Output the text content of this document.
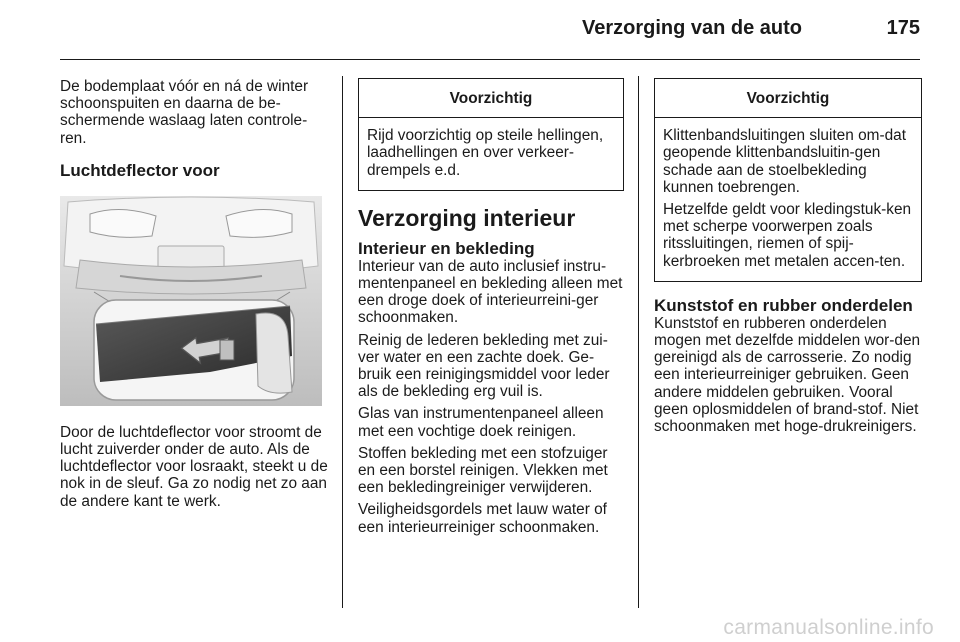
Verzorging van de auto	175

De bodemplaat vóór en ná de winter schoonspuiten en daarna de be-schermende waslaag laten controle-ren.

Luchtdeflector voor

Door de luchtdeflector voor stroomt de lucht zuiverder onder de auto. Als de luchtdeflector voor losraakt, steekt u de nok in de sleuf. Ga zo nodig net zo aan de andere kant te werk.

Voorzichtig

Rijd voorzichtig op steile hellingen, laadhellingen en over verkeer-drempels e.d.

Verzorging interieur
Interieur en bekleding

Interieur van de auto inclusief instru-mentenpaneel en bekleding alleen met een droge doek of interieurreini-ger schoonmaken.

Reinig de lederen bekleding met zui-ver water en een zachte doek. Ge-bruik een reinigingsmiddel voor leder als de bekleding erg vuil is.

Glas van instrumentenpaneel alleen met een vochtige doek reinigen.

Stoffen bekleding met een stofzuiger en een borstel reinigen. Vlekken met een bekledingreiniger verwijderen.

Veiligheidsgordels met lauw water of een interieurreiniger schoonmaken.

Voorzichtig

Klittenbandsluitingen sluiten om-dat geopende klittenbandsluitin-gen schade aan de stoelbekleding kunnen toebrengen.

Hetzelfde geldt voor kledingstuk-ken met scherpe voorwerpen zoals ritssluitingen, riemen of spij-kerbroeken met metalen accen-ten.

Kunststof en rubber onderdelen

Kunststof en rubberen onderdelen mogen met dezelfde middelen wor-den gereinigd als de carrosserie. Zo nodig een interieurreiniger gebruiken. Geen andere middelen gebruiken. Vooral geen oplosmiddelen of brand-stof. Niet schoonmaken met hoge-drukreinigers.

carmanualsonline.info
